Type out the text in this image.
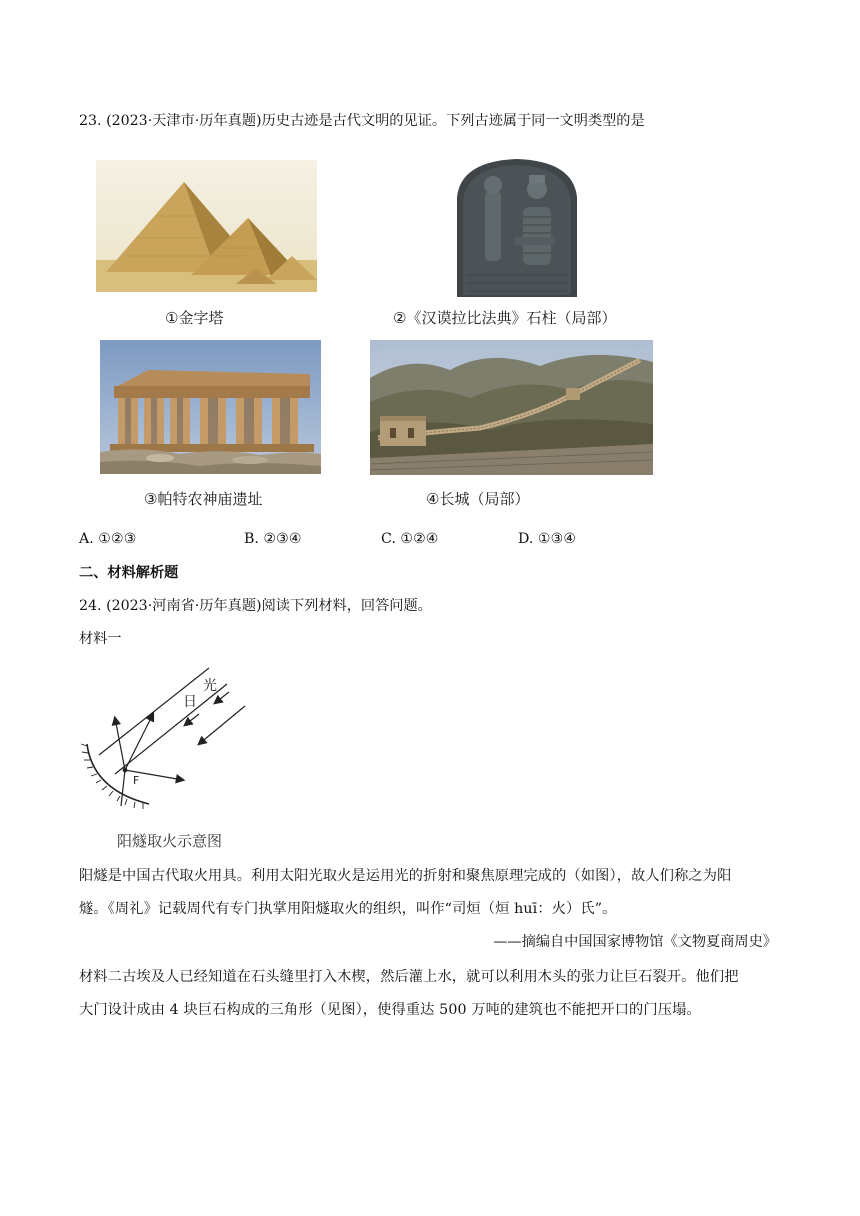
23. (2023·天津市·历年真题)历史古迹是古代文明的见证。下列古迹属于同一文明类型的是
①金字塔	②《汉谟拉比法典》石柱（局部）
③帕特农神庙遗址	④长城（局部）
A. ①②③	B. ②③④	C. ①②④	D. ①③④
二、材料解析题
24. (2023·河南省·历年真题)阅读下列材料，回答问题。
材料一
光
日
F
阳燧取火示意图
阳燧是中国古代取火用具。利用太阳光取火是运用光的折射和聚焦原理完成的（如图），故人们称之为阳
燧。《周礼》记载周代有专门执掌用阳燧取火的组织，叫作“司烜（烜 huī：火）氏”。
——摘编自中国国家博物馆《文物夏商周史》
材料二古埃及人已经知道在石头缝里打入木楔，然后灌上水，就可以利用木头的张力让巨石裂开。他们把
大门设计成由 4 块巨石构成的三角形（见图），使得重达 500 万吨的建筑也不能把开口的门压塌。
